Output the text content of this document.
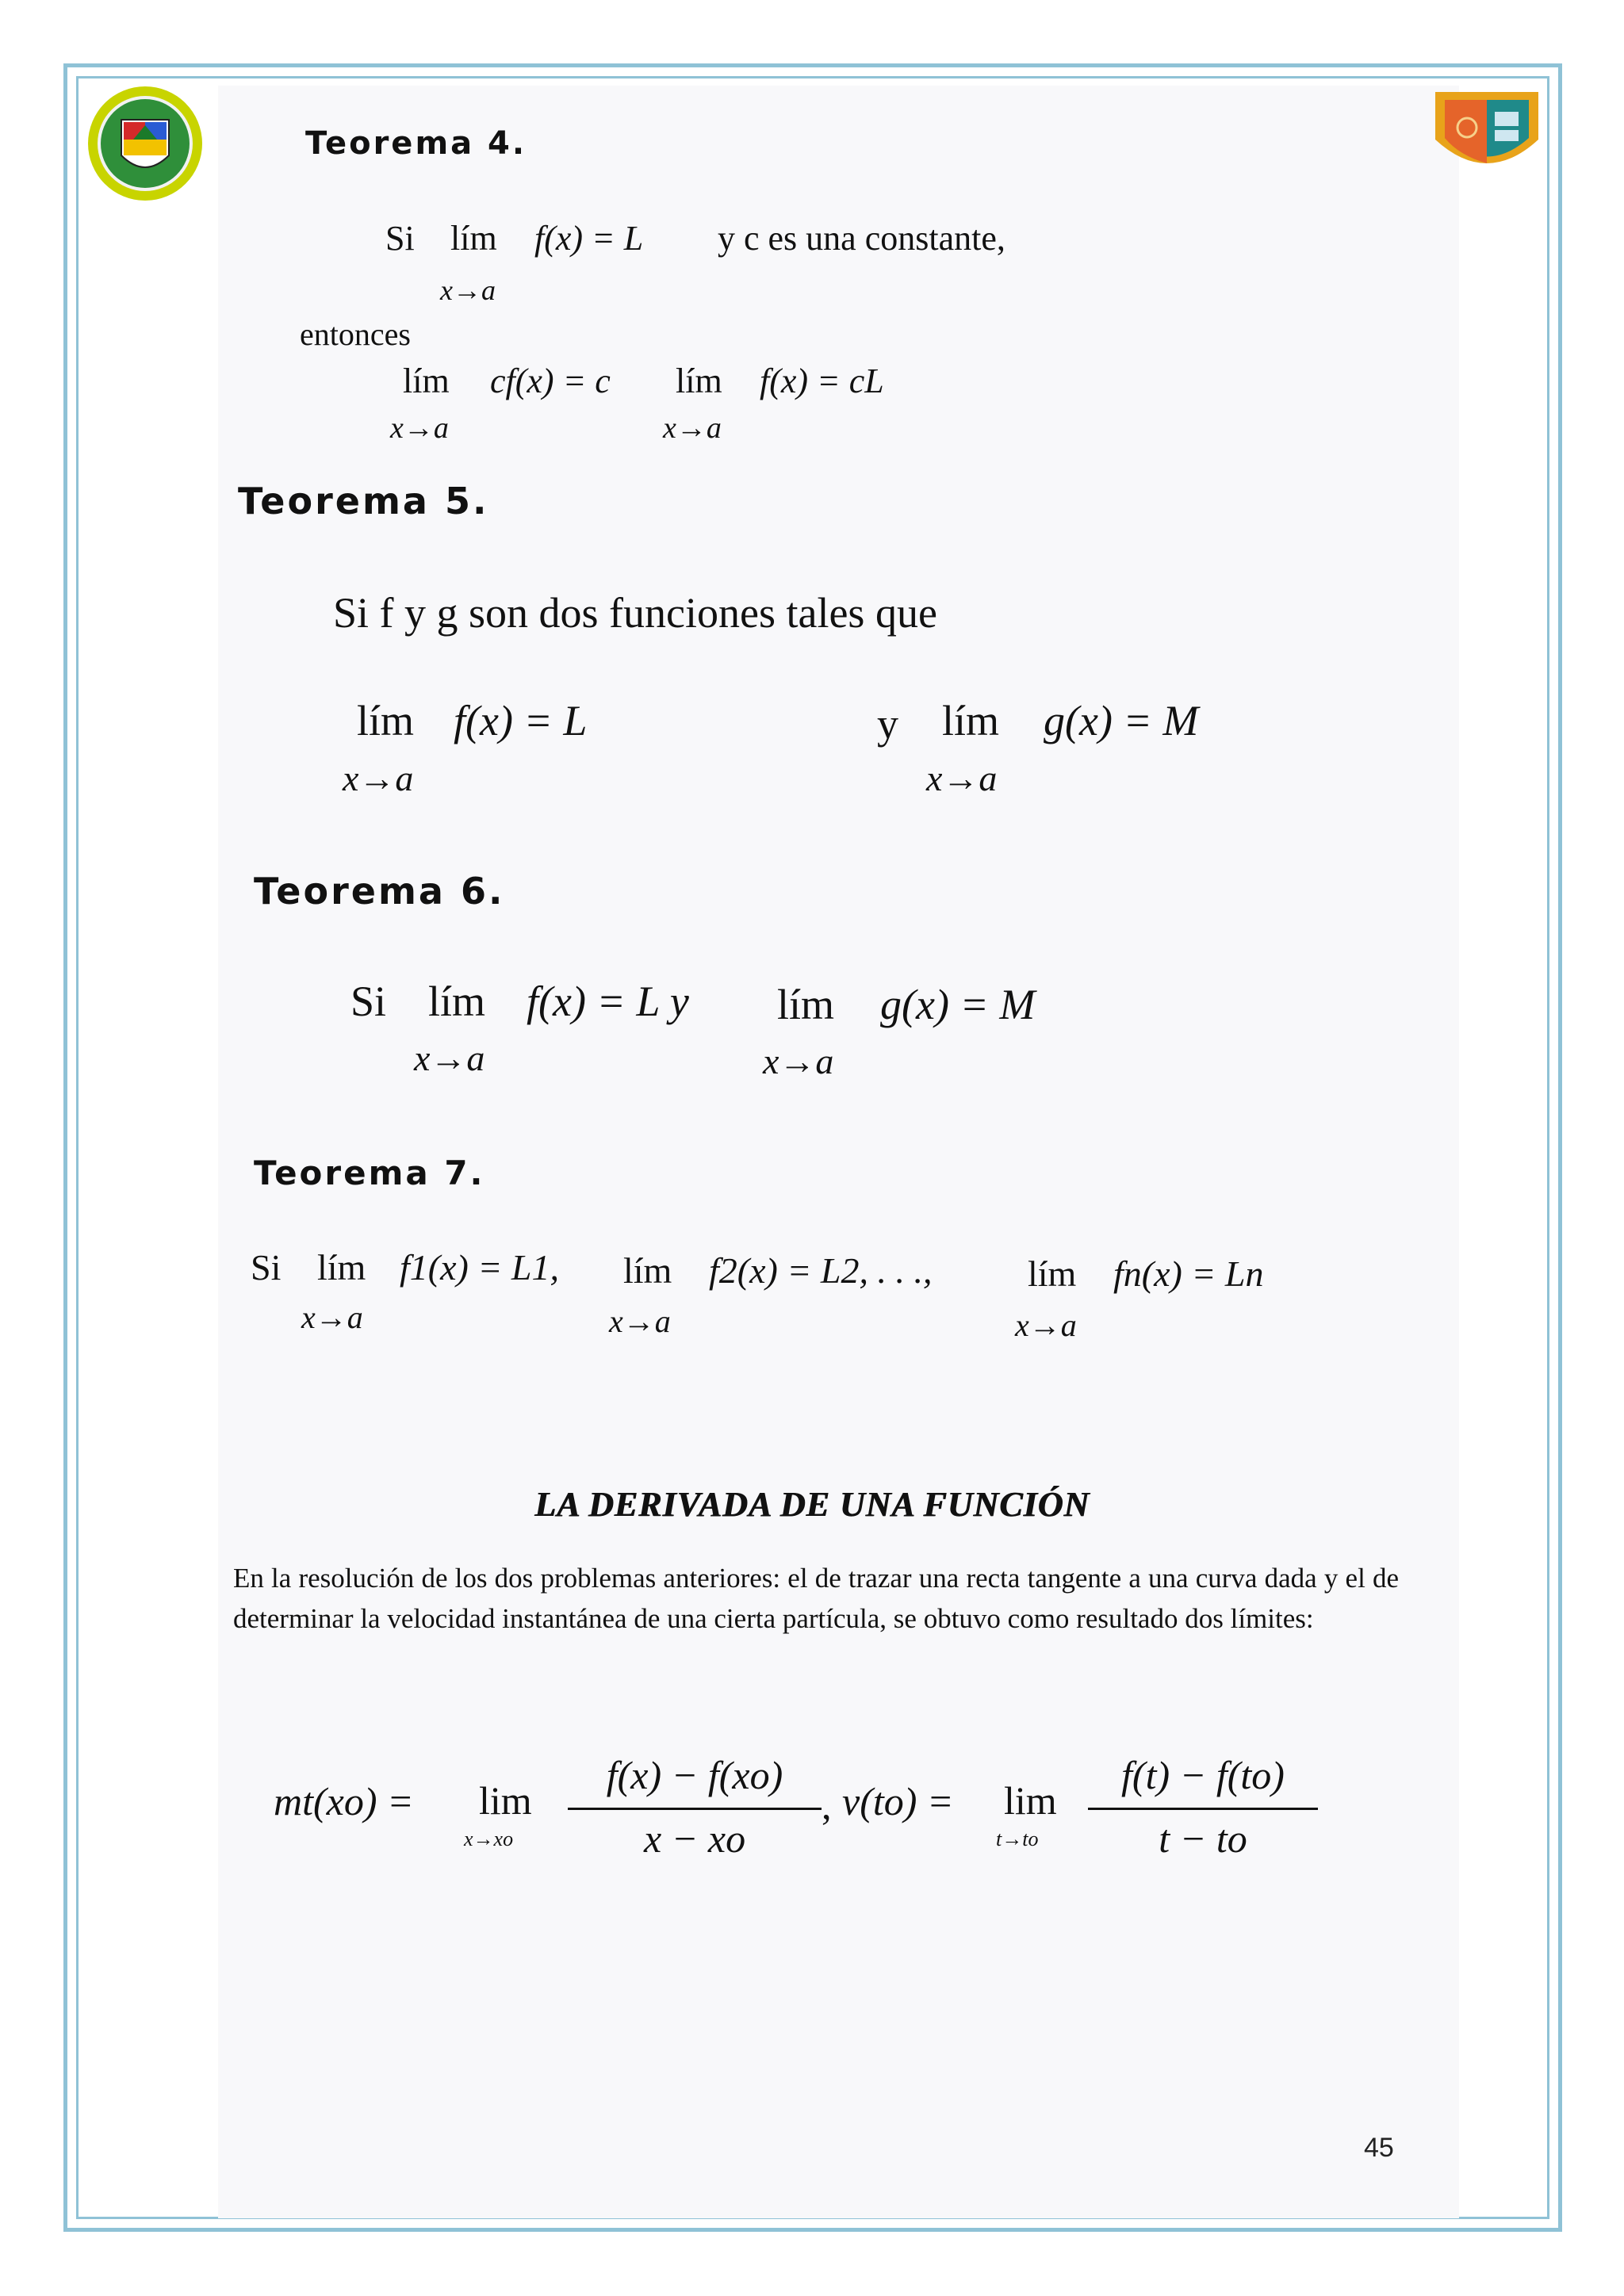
Teorema 4.
Si lím f(x) = L y c es una constante,
x→a
entonces
lím cf(x) = c lím f(x) = cL
x→a	x→a
Teorema 5.
Si f y g son dos funciones tales que
lím f(x) = L
x→a
y lím g(x) = M
x→a
Teorema 6.
Si lím f(x) = L y
x→a
lím g(x) = M
x→a
Teorema 7.
Si lím f1(x) = L1,
x→a
lím f2(x) = L2, . . .,
x→a
lím fn(x) = Ln
x→a
LA DERIVADA DE UNA FUNCIÓN
En la resolución de los dos problemas anteriores: el de trazar una recta tangente a una curva dada y el de determinar la velocidad instantánea de una cierta partícula, se obtuvo como resultado dos límites:
mt(xo) = lim
x→xo
f(x) − f(xo)
x − xo
, v(to) = lim
t→to
f(t) − f(to)
t − to
45
